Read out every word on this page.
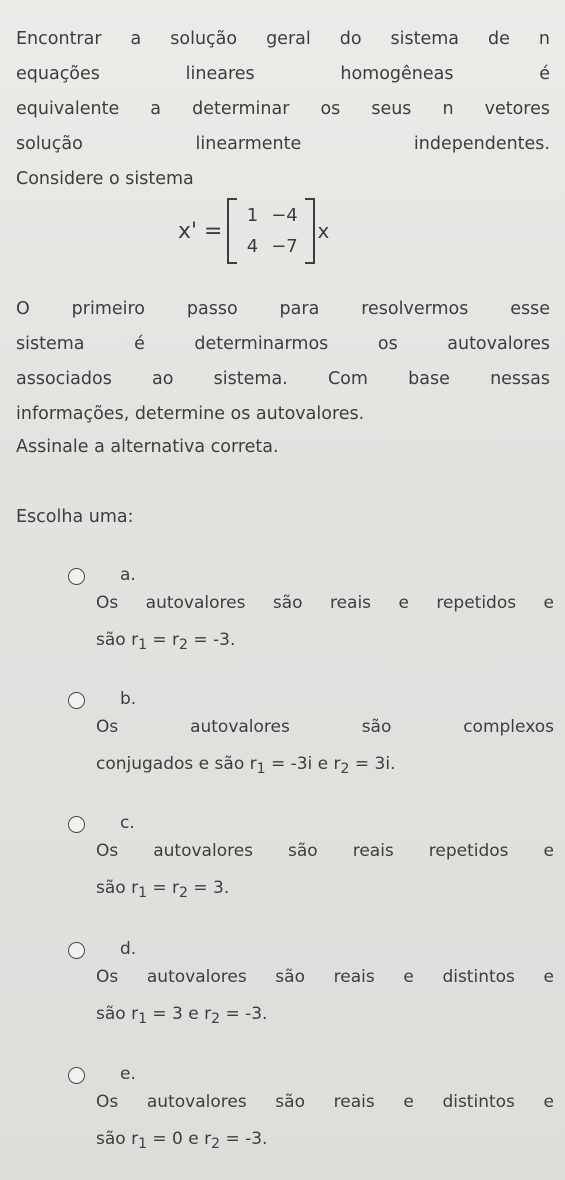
Encontrar a solução geral do sistema de n
equações lineares homogêneas é
equivalente a determinar os seus n vetores
solução linearmente independentes.
Considere o sistema

x' =
1 −4
4 −7
x

O primeiro passo para resolvermos esse
sistema é determinarmos os autovalores
associados ao sistema. Com base nessas
informações, determine os autovalores.

Assinale a alternativa correta.
Escolha uma:
a.
Os autovalores são reais e repetidos e
são $r_1 = r_2 = -3$.
b.
Os autovalores são complexos
conjugados e são $r_1 = -3i$ e $r_2 = 3i$.
c.
Os autovalores são reais repetidos e
são $r_1 = r_2 = 3$.
d.
Os autovalores são reais e distintos e
são $r_1 = 3$ e $r_2 = -3$.
e.
Os autovalores são reais e distintos e
são $r_1 = 0$ e $r_2 = -3$.
